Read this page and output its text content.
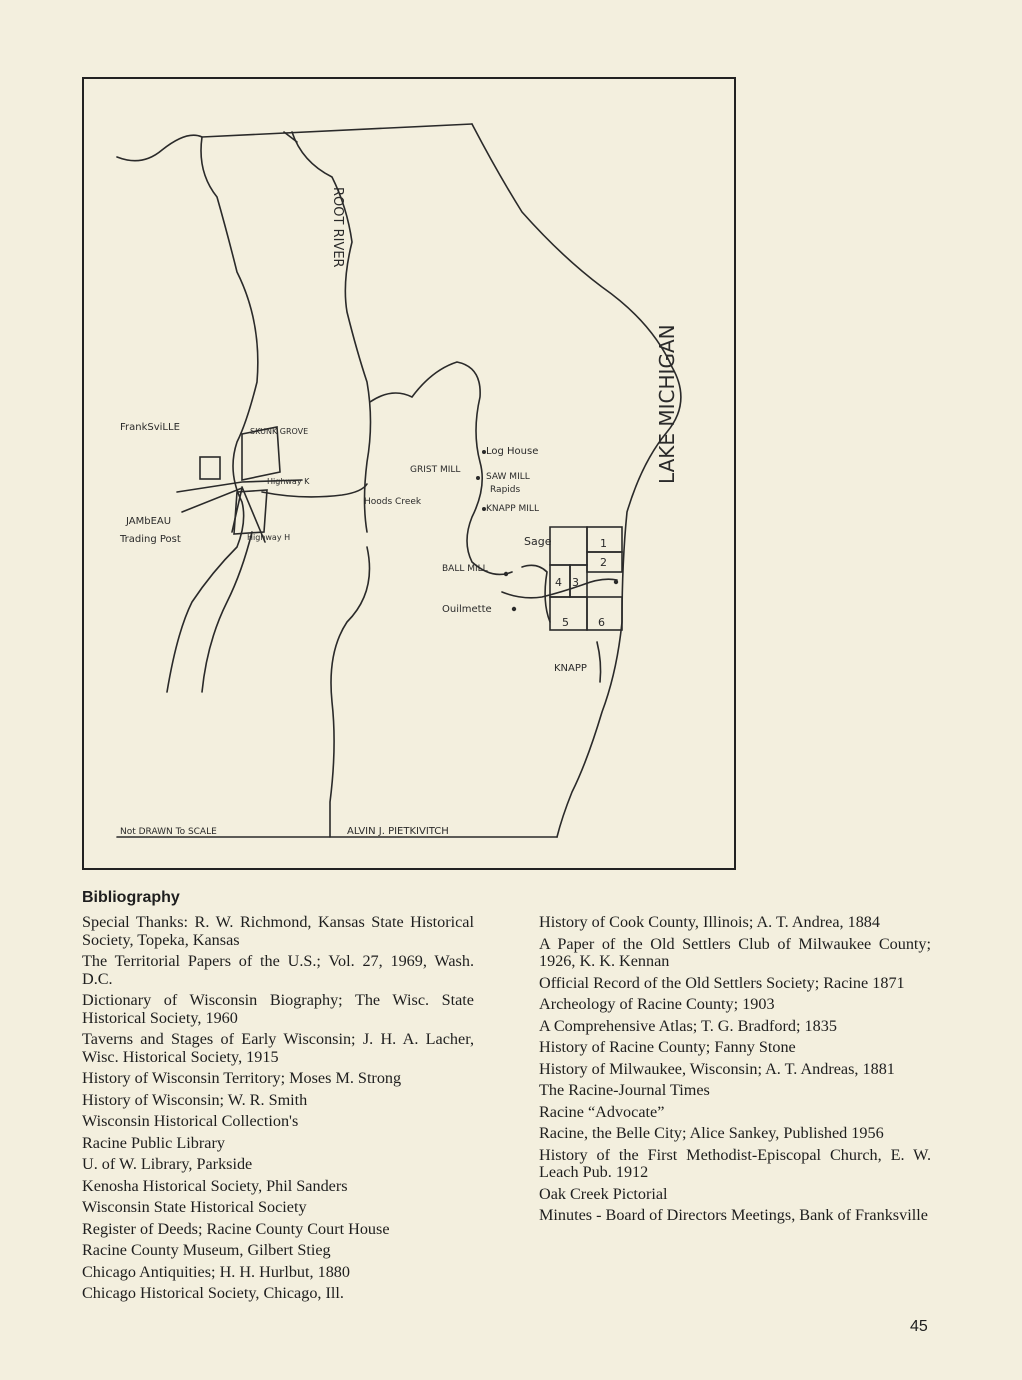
FrankSviLLE	SKUNK GROVE
Highway K
Highway H
JAMbEAU
Trading Post
ROOT RIVER
GRIST MILL
Hoods Creek
Log House
SAW MILL
Rapids
KNAPP MILL
Sage
BALL MILL
Ouilmette
KNAPP
1
2
4 3
5	6
LAKE MICHIGAN
Not DRAWN To SCALE	ALVIN J. PIETKIVITCH
Bibliography

Special Thanks: R. W. Richmond, Kansas State Historical Society, Topeka, Kansas

The Territorial Papers of the U.S.; Vol. 27, 1969, Wash. D.C.

Dictionary of Wisconsin Biography; The Wisc. State Historical Society, 1960

Taverns and Stages of Early Wisconsin; J. H. A. Lacher, Wisc. Historical Society, 1915

History of Wisconsin Territory; Moses M. Strong

History of Wisconsin; W. R. Smith

Wisconsin Historical Collection's

Racine Public Library

U. of W. Library, Parkside

Kenosha Historical Society, Phil Sanders

Wisconsin State Historical Society

Register of Deeds; Racine County Court House

Racine County Museum, Gilbert Stieg

Chicago Antiquities; H. H. Hurlbut, 1880

Chicago Historical Society, Chicago, Ill.

History of Cook County, Illinois; A. T. Andrea, 1884

A Paper of the Old Settlers Club of Milwaukee County; 1926, K. K. Kennan

Official Record of the Old Settlers Society; Racine 1871

Archeology of Racine County; 1903

A Comprehensive Atlas; T. G. Bradford; 1835

History of Racine County; Fanny Stone

History of Milwaukee, Wisconsin; A. T. Andreas, 1881

The Racine-Journal Times

Racine “Advocate”

Racine, the Belle City; Alice Sankey, Published 1956

History of the First Methodist-Episcopal Church, E. W. Leach Pub. 1912

Oak Creek Pictorial

Minutes - Board of Directors Meetings, Bank of Franksville

45
